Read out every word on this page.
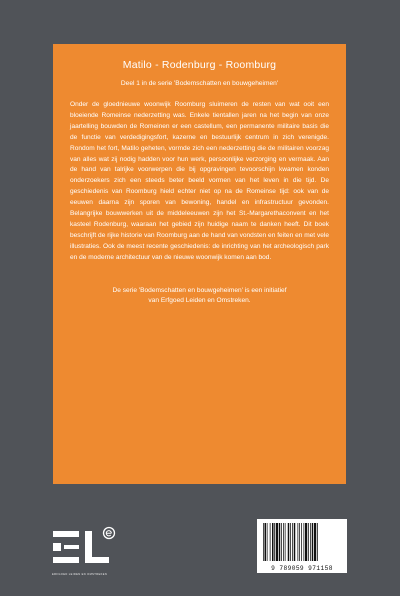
Matilo - Rodenburg - Roomburg
Deel 1 in de serie 'Bodemschatten en bouwgeheimen'

Onder de gloednieuwe woonwijk Roomburg sluimeren de resten van wat ooit een bloeiende Romeinse nederzetting was. Enkele tientallen jaren na het begin van onze jaartelling bouwden de Romeinen er een castellum, een permanente militaire basis die de functie van verdedigingsfort, kazerne en bestuurlijk centrum in zich verenigde. Rondom het fort, Matilo geheten, vormde zich een nederzetting die de militairen voorzag van alles wat zij nodig hadden voor hun werk, persoonlijke verzorging en vermaak. Aan de hand van talrijke voorwerpen die bij opgravingen tevoorschijn kwamen konden onderzoekers zich een steeds beter beeld vormen van het leven in die tijd. De geschiedenis van Roomburg hield echter niet op na de Romeinse tijd: ook van de eeuwen daarna zijn sporen van bewoning, handel en infrastructuur gevonden. Belangrijke bouwwerken uit de middeleeuwen zijn het St.-Margarethaconvent en het kasteel Rodenburg, waaraan het gebied zijn huidige naam te danken heeft. Dit boek beschrijft de rijke historie van Roomburg aan de hand van vondsten en feiten en met vele illustraties. Ook de meest recente geschiedenis: de inrichting van het archeologisch park en de moderne architectuur van de nieuwe woonwijk komen aan bod.

De serie 'Bodemschatten en bouwgeheimen' is een initiatief
van Erfgoed Leiden en Omstreken.
ERFGOED LEIDEN EN OMSTREKEN
9 789059 971158
